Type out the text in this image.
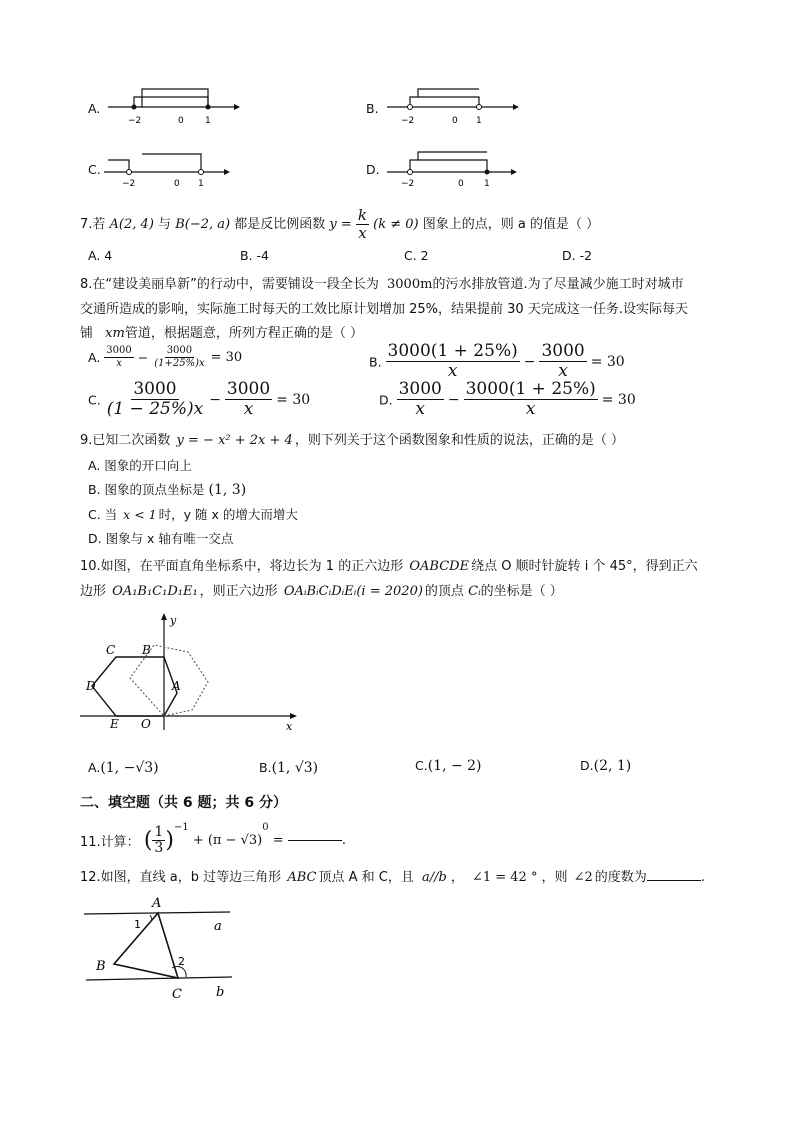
A.
−2	0 1
B.
−2	0 1
C.
−2	0 1
D.
−2	0 1
7.若 A(2, 4) 与 B(−2, a) 都是反比例函数 $y = \frac{k}{x} (k \ne 0)$ 图象上的点，则 a 的值是（ ）
A. 4	B. -4	C. 2	D. -2
8.在“建设美丽阜新”的行动中，需要铺设一段全长为 3000m的污水排放管道.为了尽量减少施工时对城市
交通所造成的影响，实际施工时每天的工效比原计划增加 25%，结果提前 30 天完成这一任务.设实际每天
铺 xm管道，根据题意，所列方程正确的是（ ）
A. $\frac{3000}{x} - \frac{3000}{(1+25\%)x} = 30$	B. $\frac{3000(1 + 25\%)}{x} - \frac{3000}{x} = 30$
C. $\frac{3000}{(1 - 25\%)x} - \frac{3000}{x} = 30$	D. $\frac{3000}{x} - \frac{3000(1 + 25\%)}{x} = 30$
9.已知二次函数 y = − x² + 2x + 4 ，则下列关于这个函数图象和性质的说法，正确的是（ ）
A. 图象的开口向上
B. 图象的顶点坐标是 (1, 3)
C. 当 x < 1 时，y 随 x 的增大而增大
D. 图象与 x 轴有唯一交点
10.如图，在平面直角坐标系中，将边长为 1 的正六边形 OABCDE 绕点 O 顺时针旋转 i 个 45°，得到正六
边形 OA₁B₁C₁D₁E₁ ，则正六边形 OAᵢBᵢCᵢDᵢEᵢ(i = 2020) 的顶点 Cᵢ的坐标是（ ）
C B
D	A
E O	x
y
A.(1, −√3)	B.(1, √3)	C.(1, − 2)	D.(2, 1)
二、填空题（共 6 题；共 6 分）
11.计算： ( $\frac{1}{3} )^{-1} + (\pi - √3)^0$ =	.
12.如图，直线 a，b 过等边三角形 ABC 顶点 A 和 C，且 a//b ， ∠1 = 42 ° ，则 ∠2 的度数为	.
A
B
C
a
b
1
2
